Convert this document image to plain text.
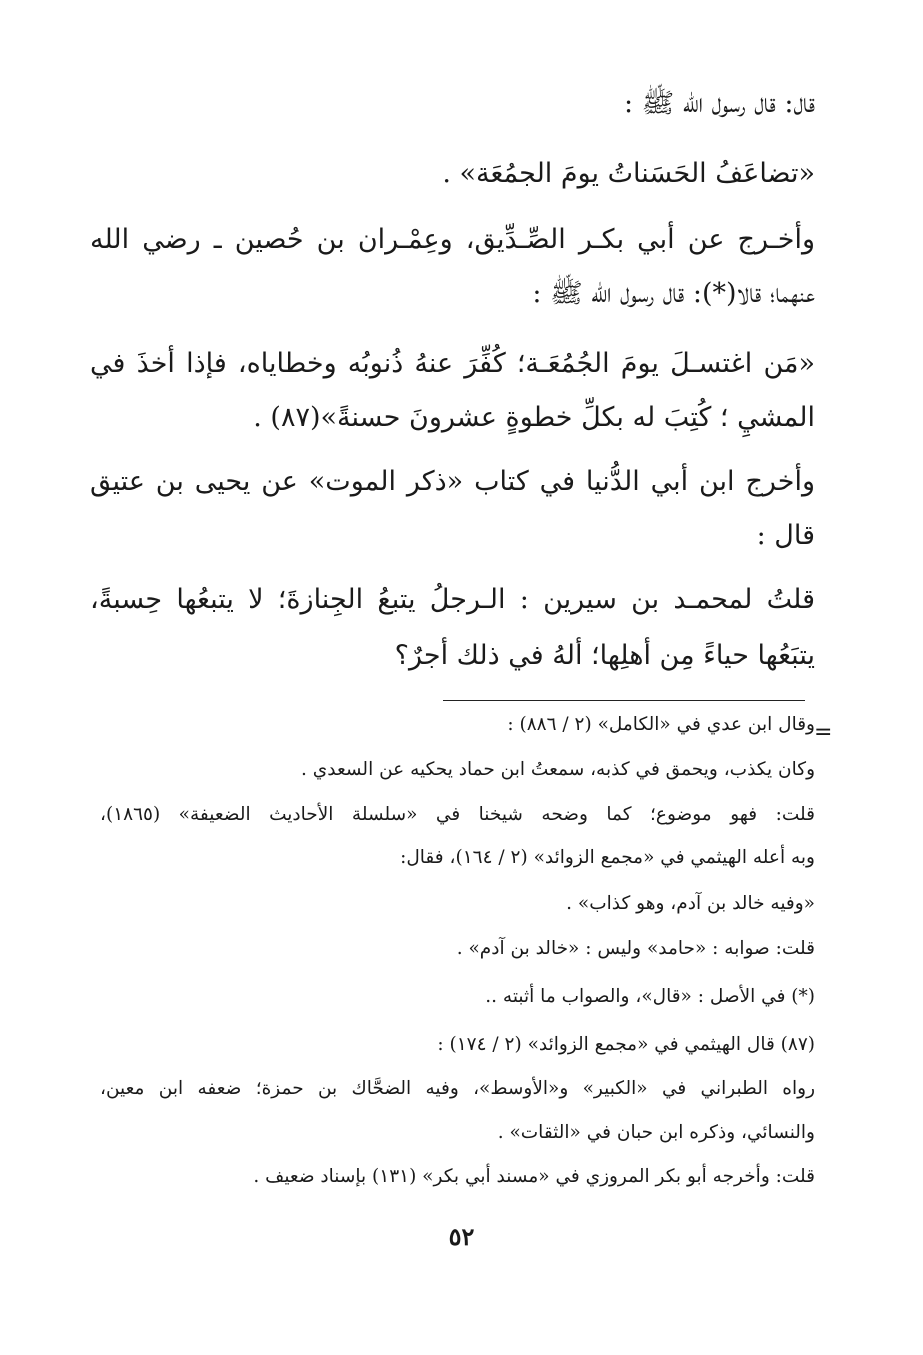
قال: قال رسول الله ﷺ :
«تضاعَفُ الحَسَناتُ يومَ الجمُعَة» .
وأخـرج عن أبي بكـر الصِّـدِّيق، وعِمْـران بن حُصين ـ رضي الله
عنهما؛ قالا(*): قال رسول الله ﷺ :
«مَن اغتسـلَ يومَ الجُمُعَـة؛ كُفِّرَ عنهُ ذُنوبُه وخطاياه، فإذا أخذَ في
المشيِ ؛ كُتِبَ له بكلِّ خطوةٍ عشرونَ حسنةً»(٨٧) .
وأخرج ابن أبي الدُّنيا في كتاب «ذكر الموت» عن يحيى بن عتيق
قال :
قلتُ لمحمـد بن سيرين : الـرجلُ يتبعُ الجِنازةَ؛ لا يتبعُها حِسبةً،
يتبَعُها حياءً مِن أهلِها؛ ألهُ في ذلك أجرٌ؟
=
وقال ابن عدي في «الكامل» (٢ / ٨٨٦) :
وكان يكذب، ويحمق في كذبه، سمعتُ ابن حماد يحكيه عن السعدي .
قلت: فهو موضوع؛ كما وضحه شيخنا في «سلسلة الأحاديث الضعيفة» (١٨٦٥)،
وبه أعله الهيثمي في «مجمع الزوائد» (٢ / ١٦٤)، فقال:
«وفيه خالد بن آدم، وهو كذاب» .
قلت: صوابه : «حامد» وليس : «خالد بن آدم» .
(*) في الأصل : «قال»، والصواب ما أثبته ..
(٨٧) قال الهيثمي في «مجمع الزوائد» (٢ / ١٧٤) :
رواه الطبراني في «الكبير» و«الأوسط»، وفيه الضحَّاك بن حمزة؛ ضعفه ابن معين،
والنسائي، وذكره ابن حبان في «الثقات» .
قلت: وأخرجه أبو بكر المروزي في «مسند أبي بكر» (١٣١) بإسناد ضعيف .
٥٢
